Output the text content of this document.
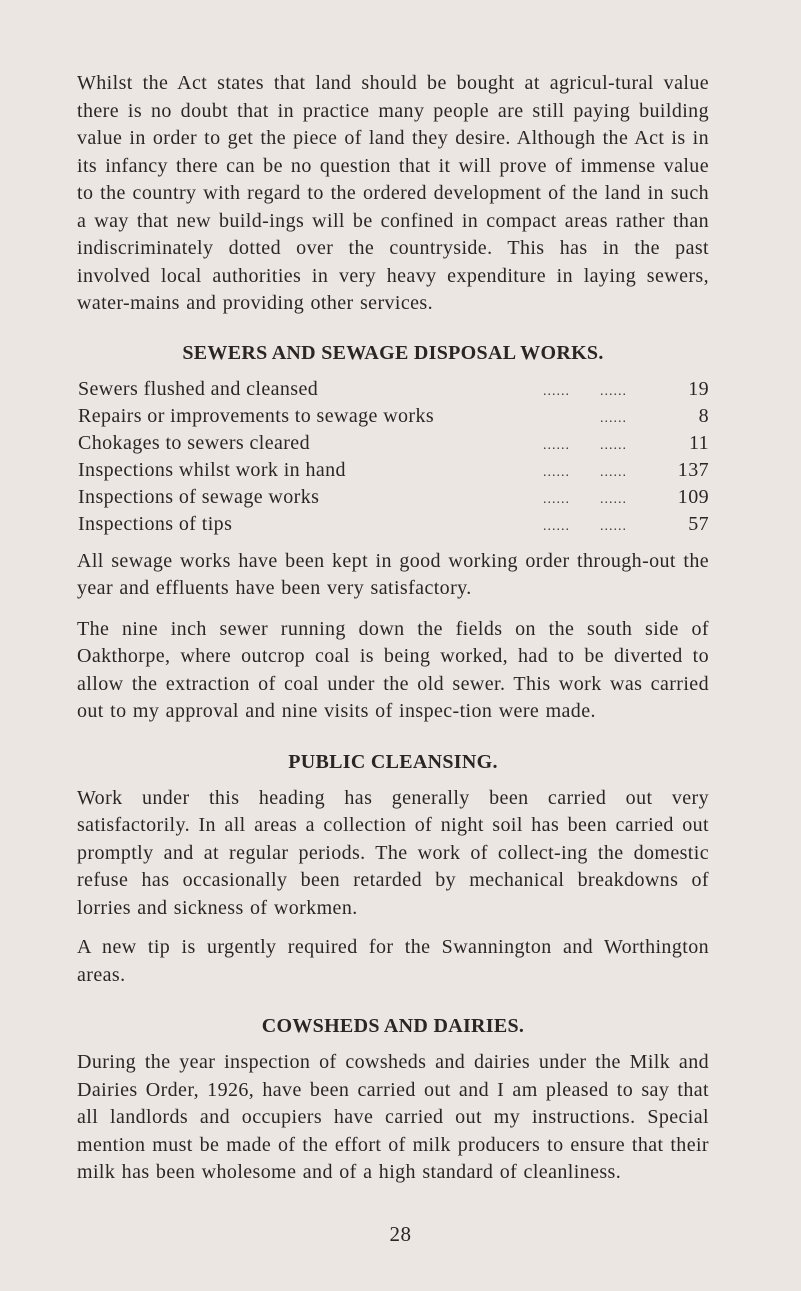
Whilst the Act states that land should be bought at agricul-tural value there is no doubt that in practice many people are still paying building value in order to get the piece of land they desire. Although the Act is in its infancy there can be no question that it will prove of immense value to the country with regard to the ordered development of the land in such a way that new build-ings will be confined in compact areas rather than indiscriminately dotted over the countryside. This has in the past involved local authorities in very heavy expenditure in laying sewers, water-mains and providing other services.

SEWERS AND SEWAGE DISPOSAL WORKS.
Sewers flushed and cleansed	...... ......	19
Repairs or improvements to sewage works	......	8
Chokages to sewers cleared	...... ......	11
Inspections whilst work in hand	...... ......	137
Inspections of sewage works	...... ......	109
Inspections of tips	...... ......	57

All sewage works have been kept in good working order through-out the year and effluents have been very satisfactory.

The nine inch sewer running down the fields on the south side of Oakthorpe, where outcrop coal is being worked, had to be diverted to allow the extraction of coal under the old sewer. This work was carried out to my approval and nine visits of inspec-tion were made.

PUBLIC CLEANSING.

Work under this heading has generally been carried out very satisfactorily. In all areas a collection of night soil has been carried out promptly and at regular periods. The work of collect-ing the domestic refuse has occasionally been retarded by mechanical breakdowns of lorries and sickness of workmen.

A new tip is urgently required for the Swannington and Worthington areas.

COWSHEDS AND DAIRIES.

During the year inspection of cowsheds and dairies under the Milk and Dairies Order, 1926, have been carried out and I am pleased to say that all landlords and occupiers have carried out my instructions. Special mention must be made of the effort of milk producers to ensure that their milk has been wholesome and of a high standard of cleanliness.

28
